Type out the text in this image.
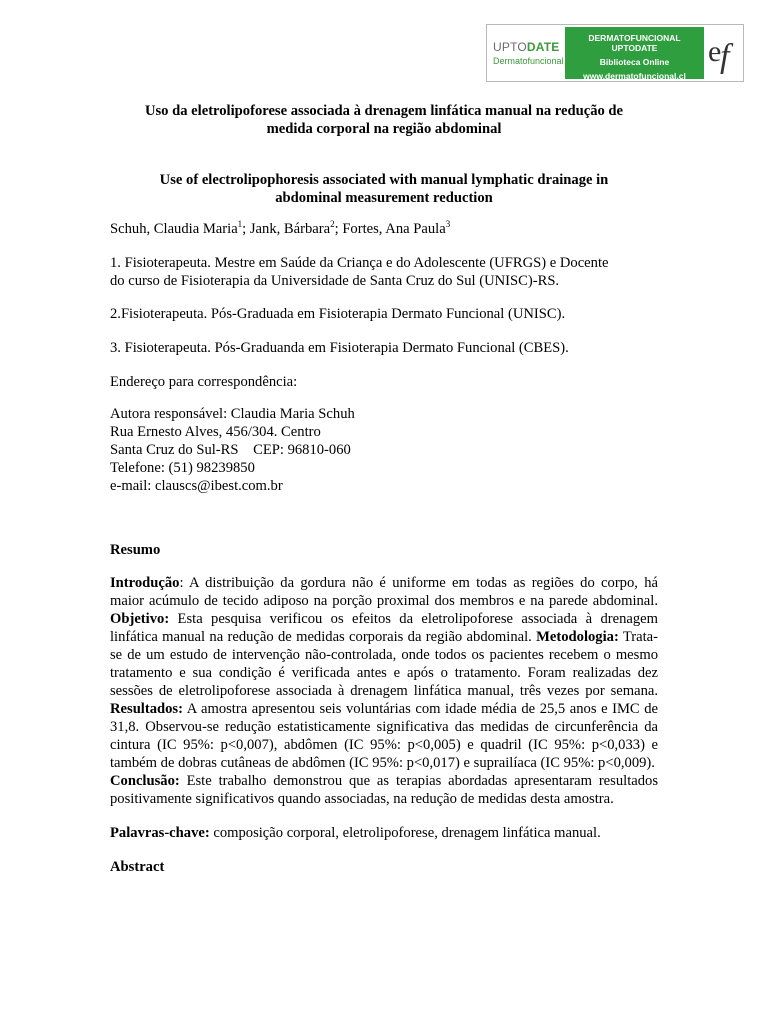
UPTODATE
Dermatofuncional
DERMATOFUNCIONAL UPTODATE
Biblioteca Online
www.dermatofuncional.cl
e
f
Uso da eletrolipoforese associada à drenagem linfática manual na redução de
medida corporal na região abdominal
Use of electrolipophoresis associated with manual lymphatic drainage in
abdominal measurement reduction
Schuh, Claudia Maria$^1$; Jank, Bárbara$^2$; Fortes, Ana Paula$^3$
1. Fisioterapeuta. Mestre em Saúde da Criança e do Adolescente (UFRGS) e Docente
do curso de Fisioterapia da Universidade de Santa Cruz do Sul (UNISC)-RS.
2.Fisioterapeuta. Pós-Graduada em Fisioterapia Dermato Funcional (UNISC).
3. Fisioterapeuta. Pós-Graduanda em Fisioterapia Dermato Funcional (CBES).
Endereço para correspondência:
Autora responsável: Claudia Maria Schuh
Rua Ernesto Alves, 456/304. Centro
Santa Cruz do Sul-RS    CEP: 96810-060
Telefone: (51) 98239850
e-mail: clauscs@ibest.com.br
Resumo
Introdução: A distribuição da gordura não é uniforme em todas as regiões do corpo, há maior acúmulo de tecido adiposo na porção proximal dos membros e na parede abdominal. Objetivo: Esta pesquisa verificou os efeitos da eletrolipoforese associada à drenagem linfática manual na redução de medidas corporais da região abdominal. Metodologia: Trata-se de um estudo de intervenção não-controlada, onde todos os pacientes recebem o mesmo tratamento e sua condição é verificada antes e após o tratamento. Foram realizadas dez sessões de eletrolipoforese associada à drenagem linfática manual, três vezes por semana. Resultados: A amostra apresentou seis voluntárias com idade média de 25,5 anos e IMC de 31,8. Observou-se redução estatisticamente significativa das medidas de circunferência da cintura (IC 95%: p<0,007), abdômen (IC 95%: p<0,005) e quadril (IC 95%: p<0,033) e também de dobras cutâneas de abdômen (IC 95%: p<0,017) e suprailíaca (IC 95%: p<0,009).
Conclusão: Este trabalho demonstrou que as terapias abordadas apresentaram resultados positivamente significativos quando associadas, na redução de medidas desta amostra.
Palavras-chave: composição corporal, eletrolipoforese, drenagem linfática manual.
Abstract
